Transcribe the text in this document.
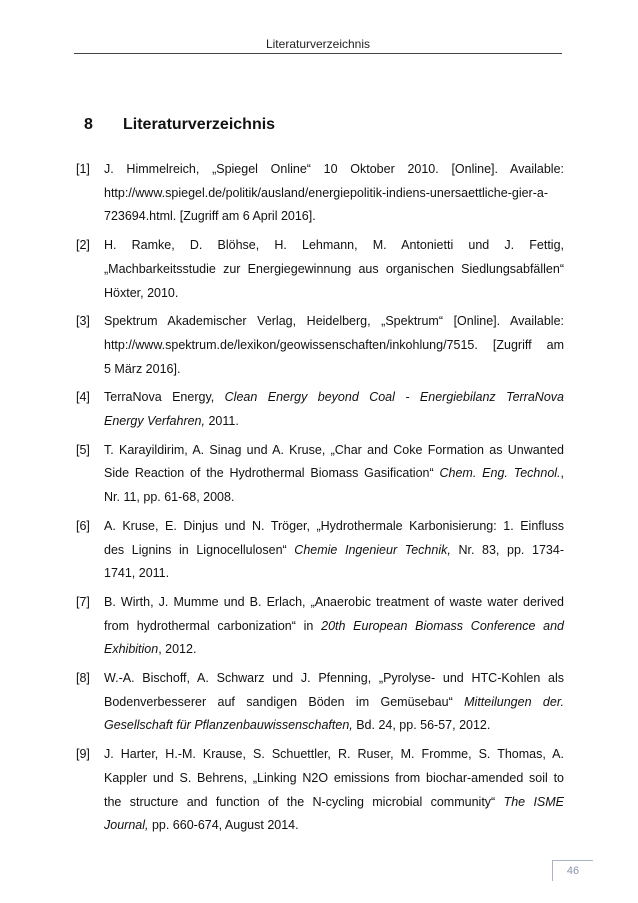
Literaturverzeichnis
8	Literaturverzeichnis
[1]	J. Himmelreich, „Spiegel Online“ 10 Oktober 2010. [Online]. Available:
http://www.spiegel.de/politik/ausland/energiepolitik-indiens-unersaettliche-gier-a-
723694.html. [Zugriff am 6 April 2016].
[2]	H. Ramke, D. Blöhse, H. Lehmann, M. Antonietti und J. Fettig,
„Machbarkeitsstudie zur Energiegewinnung aus organischen Siedlungsabfällen“
Höxter, 2010.
[3]	Spektrum Akademischer Verlag, Heidelberg, „Spektrum“ [Online]. Available:
http://www.spektrum.de/lexikon/geowissenschaften/inkohlung/7515. [Zugriff am
5 März 2016].
[4]	TerraNova Energy, Clean Energy beyond Coal - Energiebilanz TerraNova
Energy Verfahren, 2011.
[5]	T. Karayildirim, A. Sinag und A. Kruse, „Char and Coke Formation as Unwanted
Side Reaction of the Hydrothermal Biomass Gasification“ Chem. Eng. Technol.,
Nr. 11, pp. 61-68, 2008.
[6]	A. Kruse, E. Dinjus und N. Tröger, „Hydrothermale Karbonisierung: 1. Einfluss
des Lignins in Lignocellulosen“ Chemie Ingenieur Technik, Nr. 83, pp. 1734-
1741, 2011.
[7]	B. Wirth, J. Mumme und B. Erlach, „Anaerobic treatment of waste water derived
from hydrothermal carbonization“ in 20th European Biomass Conference and
Exhibition, 2012.
[8]	W.-A. Bischoff, A. Schwarz und J. Pfenning, „Pyrolyse- und HTC-Kohlen als
Bodenverbesserer auf sandigen Böden im Gemüsebau“ Mitteilungen der.
Gesellschaft für Pflanzenbauwissenschaften, Bd. 24, pp. 56-57, 2012.
[9]	J. Harter, H.-M. Krause, S. Schuettler, R. Ruser, M. Fromme, S. Thomas, A.
Kappler und S. Behrens, „Linking N2O emissions from biochar-amended soil to
the structure and function of the N-cycling microbial community“ The ISME
Journal, pp. 660-674, August 2014.
46
